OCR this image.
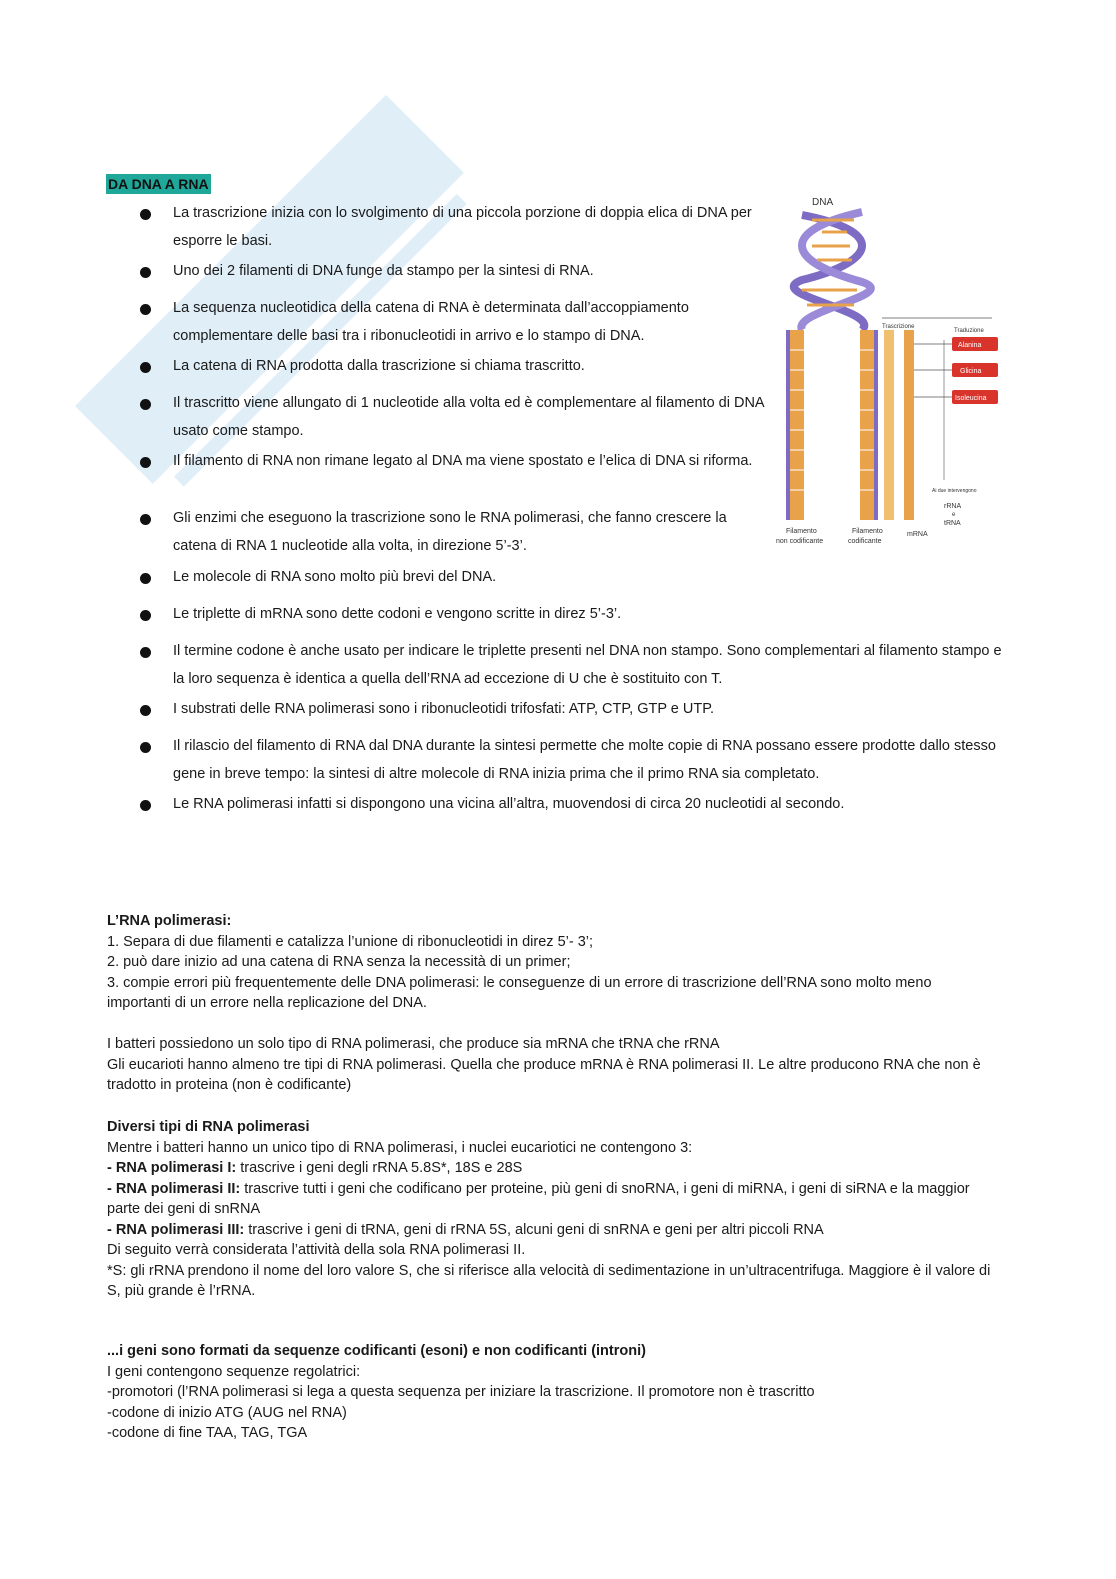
DA DNA A RNA
La trascrizione inizia con lo svolgimento di una piccola porzione di doppia elica di DNA per esporre le basi.
Uno dei 2 filamenti di DNA funge da stampo per la sintesi di RNA.
La sequenza nucleotidica della catena di RNA è determinata dall’accoppiamento complementare delle basi tra i ribonucleotidi in arrivo e lo stampo di DNA.
La catena di RNA prodotta dalla trascrizione si chiama trascritto.
Il trascritto viene allungato di 1 nucleotide alla volta ed è complementare al filamento di DNA usato come stampo.
Il filamento di RNA non rimane legato al DNA ma viene spostato e l’elica di DNA si riforma.
Gli enzimi che eseguono la trascrizione sono le RNA polimerasi, che fanno crescere la catena di RNA 1 nucleotide alla volta, in direzione 5’-3’.
Le molecole di RNA sono molto più brevi del DNA.
Le triplette di mRNA sono dette codoni e vengono scritte in direz 5’-3’.
Il termine codone è anche usato per indicare le triplette presenti nel DNA non stampo. Sono complementari al filamento stampo e la loro sequenza è identica a quella dell’RNA ad eccezione di U che è sostituito con T.
I substrati delle RNA polimerasi sono i ribonucleotidi trifosfati: ATP, CTP, GTP e UTP.
Il rilascio del filamento di RNA dal DNA durante la sintesi permette che molte copie di RNA possano essere prodotte dallo stesso gene in breve tempo: la sintesi di altre molecole di RNA inizia prima che il primo RNA sia completato.
Le RNA polimerasi infatti si dispongono una vicina all’altra, muovendosi di circa 20 nucleotidi al secondo.
DNA
Trascrizione
Traduzione
Alanina
Glicina
Isoleucina
Ai due intervengono
rRNA
e
tRNA
Filamento
non codificante
Filamento
codificante
mRNA

L’RNA polimerasi:

1. Separa di due filamenti e catalizza l’unione di ribonucleotidi in direz 5’- 3’;

2. può dare inizio ad una catena di RNA senza la necessità di un primer;

3. compie errori più frequentemente delle DNA polimerasi: le conseguenze di un errore di trascrizione dell’RNA sono molto meno importanti di un errore nella replicazione del DNA.

I batteri possiedono un solo tipo di RNA polimerasi, che produce sia mRNA che tRNA che rRNA

Gli eucarioti hanno almeno tre tipi di RNA polimerasi. Quella che produce mRNA è RNA polimerasi II. Le altre producono RNA che non è tradotto in proteina (non è codificante)

Diversi tipi di RNA polimerasi

Mentre i batteri hanno un unico tipo di RNA polimerasi, i nuclei eucariotici ne contengono 3:

- RNA polimerasi I: trascrive i geni degli rRNA 5.8S*, 18S e 28S

- RNA polimerasi II: trascrive tutti i geni che codificano per proteine, più geni di snoRNA, i geni di miRNA, i geni di siRNA e la maggior parte dei geni di snRNA

- RNA polimerasi III: trascrive i geni di tRNA, geni di rRNA 5S, alcuni geni di snRNA e geni per altri piccoli RNA

Di seguito verrà considerata l’attività della sola RNA polimerasi II.

*S: gli rRNA prendono il nome del loro valore S, che si riferisce alla velocità di sedimentazione in un’ultracentrifuga. Maggiore è il valore di S, più grande è l’rRNA.

...i geni sono formati da sequenze codificanti (esoni) e non codificanti (introni)

I geni contengono sequenze regolatrici:

-promotori (l’RNA polimerasi si lega a questa sequenza per iniziare la trascrizione. Il promotore non è trascritto

-codone di inizio ATG (AUG nel RNA)

-codone di fine TAA, TAG, TGA
